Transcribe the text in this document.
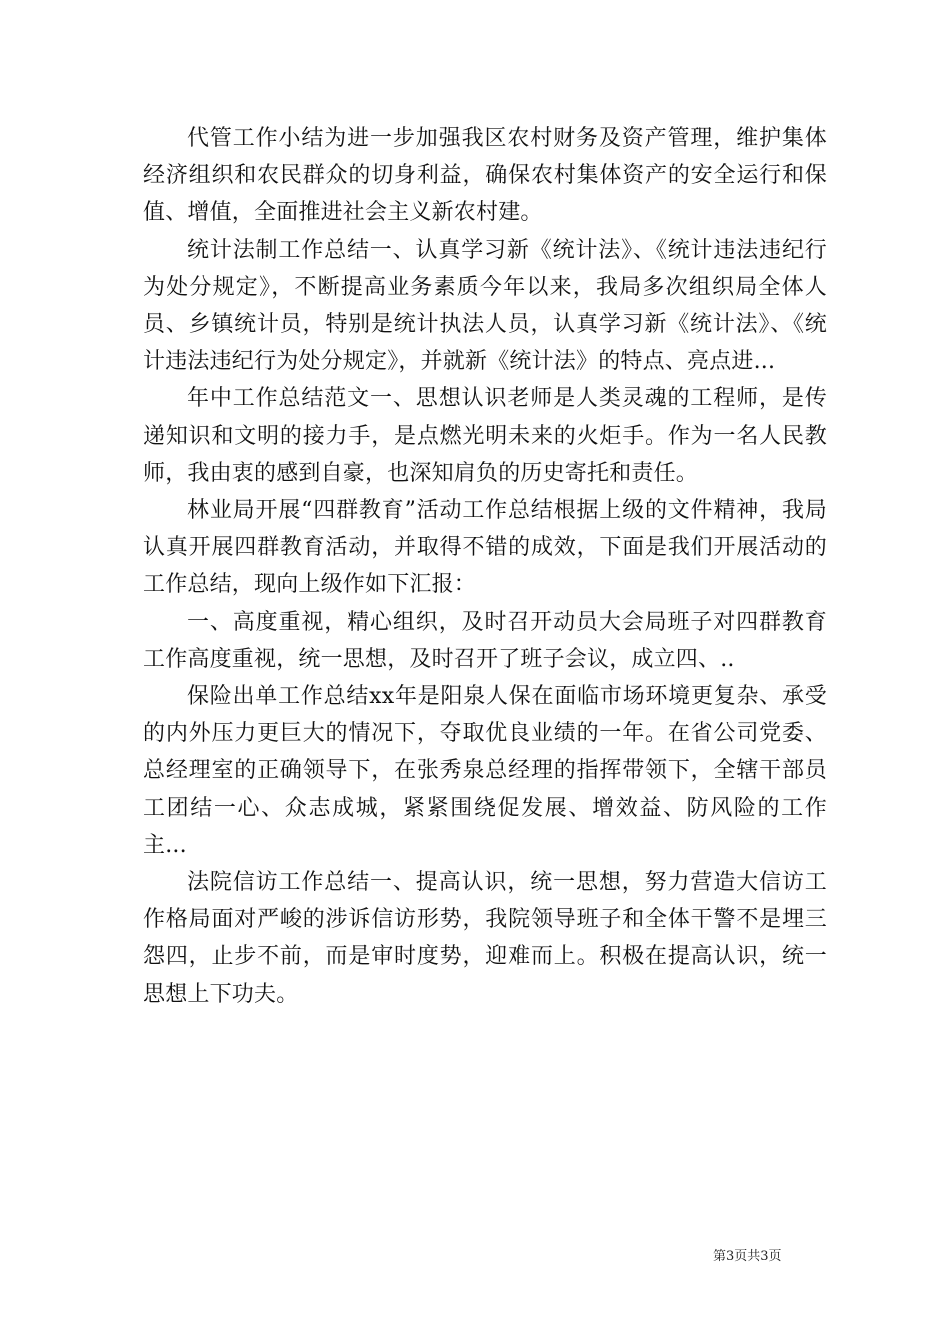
代管工作小结为进一步加强我区农村财务及资产管理，维护集体经济组织和农民群众的切身利益，确保农村集体资产的安全运行和保值、增值，全面推进社会主义新农村建。

统计法制工作总结一、认真学习新《统计法》、《统计违法违纪行为处分规定》，不断提高业务素质今年以来，我局多次组织局全体人员、乡镇统计员，特别是统计执法人员，认真学习新《统计法》、《统计违法违纪行为处分规定》，并就新《统计法》的特点、亮点进...

年中工作总结范文一、思想认识老师是人类灵魂的工程师，是传递知识和文明的接力手，是点燃光明未来的火炬手。作为一名人民教师，我由衷的感到自豪，也深知肩负的历史寄托和责任。

林业局开展“四群教育”活动工作总结根据上级的文件精神，我局认真开展四群教育活动，并取得不错的成效，下面是我们开展活动的工作总结，现向上级作如下汇报：

一、高度重视，精心组织，及时召开动员大会局班子对四群教育工作高度重视，统一思想，及时召开了班子会议，成立四、..

保险出单工作总结xx年是阳泉人保在面临市场环境更复杂、承受的内外压力更巨大的情况下，夺取优良业绩的一年。在省公司党委、总经理室的正确领导下，在张秀泉总经理的指挥带领下，全辖干部员工团结一心、众志成城，紧紧围绕促发展、增效益、防风险的工作主...

法院信访工作总结一、提高认识，统一思想，努力营造大信访工作格局面对严峻的涉诉信访形势，我院领导班子和全体干警不是埋三怨四，止步不前，而是审时度势，迎难而上。积极在提高认识，统一思想上下功夫。

第3页共3页
